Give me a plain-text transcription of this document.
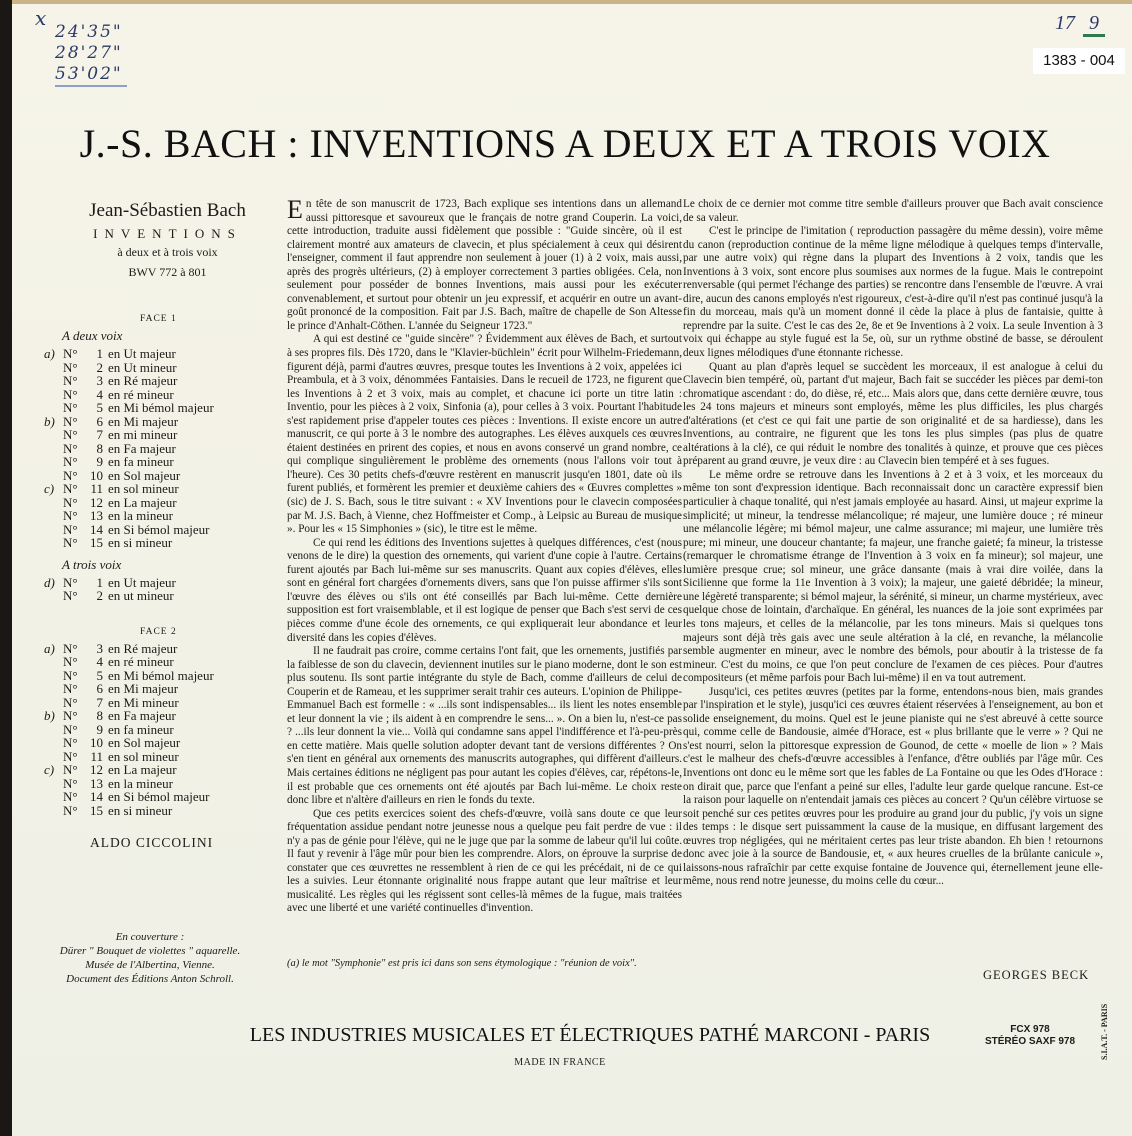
x
24'35"
28'27"
53'02"
17 9
1383 - 004
J.-S. BACH : INVENTIONS A DEUX ET A TROIS VOIX
Jean-Sébastien Bach
INVENTIONS
à deux et à trois voix
BWV 772 à 801
FACE 1
A deux voix
a) N° 1 en Ut majeur
N° 2 en Ut mineur
N° 3 en Ré majeur
N° 4 en ré mineur
N° 5 en Mi bémol majeur
b) N° 6 en Mi majeur
N° 7 en mi mineur
N° 8 en Fa majeur
N° 9 en fa mineur
N° 10 en Sol majeur
c) N° 11 en sol mineur
N° 12 en La majeur
N° 13 en la mineur
N° 14 en Si bémol majeur
N° 15 en si mineur
A trois voix
d) N° 1 en Ut majeur
N° 2 en ut mineur
FACE 2
a) N° 3 en Ré majeur
N° 4 en ré mineur
N° 5 en Mi bémol majeur
N° 6 en Mi majeur
N° 7 en Mi mineur
b) N° 8 en Fa majeur
N° 9 en fa mineur
N° 10 en Sol majeur
N° 11 en sol mineur
c) N° 12 en La majeur
N° 13 en la mineur
N° 14 en Si bémol majeur
N° 15 en si mineur
ALDO CICCOLINI
En couverture :
Dürer " Bouquet de violettes " aquarelle.
Musée de l'Albertina, Vienne.
Document des Éditions Anton Schroll.

En tête de son manuscrit de 1723, Bach explique ses intentions dans un allemand aussi pittoresque et savoureux que le français de notre grand Couperin. La voici, cette introduction, traduite aussi fidèlement que possible : "Guide sincère, où il est clairement montré aux amateurs de clavecin, et plus spécialement à ceux qui désirent l'enseigner, comment il faut apprendre non seulement à jouer (1) à 2 voix, mais aussi, après des progrès ultérieurs, (2) à employer correctement 3 parties obligées. Cela, non seulement pour posséder de bonnes Inventions, mais aussi pour les exécuter convenablement, et surtout pour obtenir un jeu expressif, et acquérir en outre un avant-goût prononcé de la composition. Fait par J.S. Bach, maître de chapelle de Son Altesse le prince d'Anhalt-Cöthen. L'année du Seigneur 1723."

A qui est destiné ce "guide sincère" ? Évidemment aux élèves de Bach, et surtout à ses propres fils. Dès 1720, dans le "Klavier-büchlein" écrit pour Wilhelm-Friedemann, figurent déjà, parmi d'autres œuvres, presque toutes les Inventions à 2 voix, appelées ici Preambula, et à 3 voix, dénommées Fantaisies. Dans le recueil de 1723, ne figurent que les Inventions à 2 et 3 voix, mais au complet, et chacune ici porte un titre latin : Inventio, pour les pièces à 2 voix, Sinfonia (a), pour celles à 3 voix. Pourtant l'habitude s'est rapidement prise d'appeler toutes ces pièces : Inventions. Il existe encore un autre manuscrit, ce qui porte à 3 le nombre des autographes. Les élèves auxquels ces œuvres étaient destinées en prirent des copies, et nous en avons conservé un grand nombre, ce qui complique singulièrement le problème des ornements (nous l'allons voir tout à l'heure). Ces 30 petits chefs-d'œuvre restèrent en manuscrit jusqu'en 1801, date où ils furent publiés, et formèrent les premier et deuxième cahiers des « Œuvres complettes » (sic) de J. S. Bach, sous le titre suivant : « XV Inventions pour le clavecin composées par M. J.S. Bach, à Vienne, chez Hoffmeister et Comp., à Leipsic au Bureau de musique ». Pour les « 15 Simphonies » (sic), le titre est le même.

Ce qui rend les éditions des Inventions sujettes à quelques différences, c'est (nous venons de le dire) la question des ornements, qui varient d'une copie à l'autre. Certains furent ajoutés par Bach lui-même sur ses manuscrits. Quant aux copies d'élèves, elles sont en général fort chargées d'ornements divers, sans que l'on puisse affirmer s'ils sont l'œuvre des élèves ou s'ils ont été conseillés par Bach lui-même. Cette dernière supposition est fort vraisemblable, et il est logique de penser que Bach s'est servi de ces pièces comme d'une école des ornements, ce qui expliquerait leur abondance et leur diversité dans les copies d'élèves.

Il ne faudrait pas croire, comme certains l'ont fait, que les ornements, justifiés par la faiblesse de son du clavecin, deviennent inutiles sur le piano moderne, dont le son est plus soutenu. Ils sont partie intégrante du style de Bach, comme d'ailleurs de celui de Couperin et de Rameau, et les supprimer serait trahir ces auteurs. L'opinion de Philippe-Emmanuel Bach est formelle : « ...ils sont indispensables... ils lient les notes ensemble et leur donnent la vie ; ils aident à en comprendre le sens... ». On a bien lu, n'est-ce pas ? ...ils leur donnent la vie... Voilà qui condamne sans appel l'indifférence et l'à-peu-près en cette matière. Mais quelle solution adopter devant tant de versions différentes ? On s'en tient en général aux ornements des manuscrits autographes, qui diffèrent d'ailleurs. Mais certaines éditions ne négligent pas pour autant les copies d'élèves, car, répétons-le, il est probable que ces ornements ont été ajoutés par Bach lui-même. Le choix reste donc libre et n'altère d'ailleurs en rien le fonds du texte.

Que ces petits exercices soient des chefs-d'œuvre, voilà sans doute ce que leur fréquentation assidue pendant notre jeunesse nous a quelque peu fait perdre de vue : il n'y a pas de génie pour l'élève, qui ne le juge que par la somme de labeur qu'il lui coûte. Il faut y revenir à l'âge mûr pour bien les comprendre. Alors, on éprouve la surprise de constater que ces œuvrettes ne ressemblent à rien de ce qui les précédait, ni de ce qui les a suivies. Leur étonnante originalité nous frappe autant que leur maîtrise et leur musicalité. Les règles qui les régissent sont celles-là mêmes de la fugue, mais traitées avec une liberté et une variété continuelles d'invention.

(a) le mot "Symphonie" est pris ici dans son sens étymologique : "réunion de voix".

Le choix de ce dernier mot comme titre semble d'ailleurs prouver que Bach avait conscience de sa valeur.

C'est le principe de l'imitation ( reproduction passagère du même dessin), voire même du canon (reproduction continue de la même ligne mélodique à quelques temps d'intervalle, par une autre voix) qui règne dans la plupart des Inventions à 2 voix, tandis que les Inventions à 3 voix, sont encore plus soumises aux normes de la fugue. Mais le contrepoint renversable (qui permet l'échange des parties) se rencontre dans l'ensemble de l'œuvre. A vrai dire, aucun des canons employés n'est rigoureux, c'est-à-dire qu'il n'est pas continué jusqu'à la fin du morceau, mais qu'à un moment donné il cède la place à plus de fantaisie, quitte à reprendre par la suite. C'est le cas des 2e, 8e et 9e Inventions à 2 voix. La seule Invention à 3 voix qui échappe au style fugué est la 5e, où, sur un rythme obstiné de basse, se déroulent deux lignes mélodiques d'une étonnante richesse.

Quant au plan d'après lequel se succèdent les morceaux, il est analogue à celui du Clavecin bien tempéré, où, partant d'ut majeur, Bach fait se succéder les pièces par demi-ton chromatique ascendant : do, do dièse, ré, etc... Mais alors que, dans cette dernière œuvre, tous les 24 tons majeurs et mineurs sont employés, même les plus difficiles, les plus chargés d'altérations (et c'est ce qui fait une partie de son originalité et de sa hardiesse), dans les Inventions, au contraire, ne figurent que les tons les plus simples (pas plus de quatre altérations à la clé), ce qui réduit le nombre des tonalités à quinze, et prouve que ces pièces préparent au grand œuvre, je veux dire : au Clavecin bien tempéré et à ses fugues.

Le même ordre se retrouve dans les Inventions à 2 et à 3 voix, et les morceaux du même ton sont d'expression identique. Bach reconnaissait donc un caractère expressif bien particulier à chaque tonalité, qui n'est jamais employée au hasard. Ainsi, ut majeur exprime la simplicité; ut mineur, la tendresse mélancolique; ré majeur, une lumière douce ; ré mineur une mélancolie légère; mi bémol majeur, une calme assurance; mi majeur, une lumière très pure; mi mineur, une douceur chantante; fa majeur, une franche gaieté; fa mineur, la tristesse (remarquer le chromatisme étrange de l'Invention à 3 voix en fa mineur); sol majeur, une lumière presque crue; sol mineur, une grâce dansante (mais à vrai dire voilée, dans la Sicilienne que forme la 11e Invention à 3 voix); la majeur, une gaieté débridée; la mineur, une légèreté transparente; si bémol majeur, la sérénité, si mineur, un charme mystérieux, avec quelque chose de lointain, d'archaïque. En général, les nuances de la joie sont exprimées par les tons majeurs, et celles de la mélancolie, par les tons mineurs. Mais si quelques tons majeurs sont déjà très gais avec une seule altération à la clé, en revanche, la mélancolie semble augmenter en mineur, avec le nombre des bémols, pour aboutir à la tristesse de fa mineur. C'est du moins, ce que l'on peut conclure de l'examen de ces pièces. Pour d'autres compositeurs (et même parfois pour Bach lui-même) il en va tout autrement.

Jusqu'ici, ces petites œuvres (petites par la forme, entendons-nous bien, mais grandes par l'inspiration et le style), jusqu'ici ces œuvres étaient réservées à l'enseignement, au bon et solide enseignement, du moins. Quel est le jeune pianiste qui ne s'est abreuvé à cette source qui, comme celle de Bandousie, aimée d'Horace, est « plus brillante que le verre » ? Qui ne s'est nourri, selon la pittoresque expression de Gounod, de cette « moelle de lion » ? Mais c'est le malheur des chefs-d'œuvre accessibles à l'enfance, d'être oubliés par l'âge mûr. Ces Inventions ont donc eu le même sort que les fables de La Fontaine ou que les Odes d'Horace : on dirait que, parce que l'enfant a peiné sur elles, l'adulte leur garde quelque rancune. Est-ce la raison pour laquelle on n'entendait jamais ces pièces au concert ? Qu'un célèbre virtuose se soit penché sur ces petites œuvres pour les produire au grand jour du public, j'y vois un signe des temps : le disque sert puissamment la cause de la musique, en diffusant largement des œuvres trop négligées, qui ne méritaient certes pas leur triste abandon. Eh bien ! retournons donc avec joie à la source de Bandousie, et, « aux heures cruelles de la brûlante canicule », laissons-nous rafraîchir par cette exquise fontaine de Jouvence qui, éternellement jeune elle-même, nous rend notre jeunesse, du moins celle du cœur...

GEORGES BECK
LES INDUSTRIES MUSICALES ET ÉLECTRIQUES PATHÉ MARCONI - PARIS
MADE IN FRANCE
FCX 978
STÉRÉO SAXF 978	S.I.A.T. - PARIS
